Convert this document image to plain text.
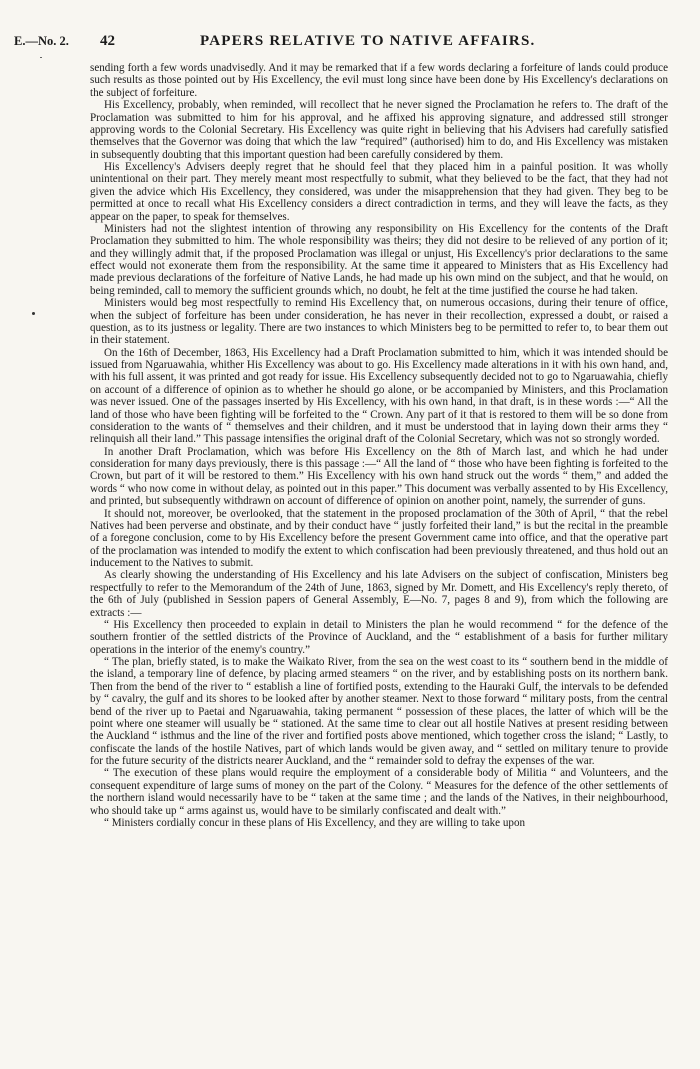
E.—No. 2. 42	PAPERS RELATIVE TO NATIVE AFFAIRS.

sending forth a few words unadvisedly. And it may be remarked that if a few words declaring a forfeiture of lands could produce such results as those pointed out by His Excellency, the evil must long since have been done by His Excellency's declarations on the subject of forfeiture.

His Excellency, probably, when reminded, will recollect that he never signed the Proclamation he refers to. The draft of the Proclamation was submitted to him for his approval, and he affixed his approving signature, and addressed still stronger approving words to the Colonial Secretary. His Excellency was quite right in believing that his Advisers had carefully satisfied themselves that the Governor was doing that which the law “required” (authorised) him to do, and His Excellency was mistaken in subsequently doubting that this important question had been carefully considered by them.

His Excellency's Advisers deeply regret that he should feel that they placed him in a painful position. It was wholly unintentional on their part. They merely meant most respectfully to submit, what they believed to be the fact, that they had not given the advice which His Excellency, they considered, was under the misapprehension that they had given. They beg to be permitted at once to recall what His Excellency considers a direct contradiction in terms, and they will leave the facts, as they appear on the paper, to speak for themselves.

Ministers had not the slightest intention of throwing any responsibility on His Excellency for the contents of the Draft Proclamation they submitted to him. The whole responsibility was theirs; they did not desire to be relieved of any portion of it; and they willingly admit that, if the proposed Proclamation was illegal or unjust, His Excellency's prior declarations to the same effect would not exonerate them from the responsibility. At the same time it appeared to Ministers that as His Excellency had made previous declarations of the forfeiture of Native Lands, he had made up his own mind on the subject, and that he would, on being reminded, call to memory the sufficient grounds which, no doubt, he felt at the time justified the course he had taken.

Ministers would beg most respectfully to remind His Excellency that, on numerous occasions, during their tenure of office, when the subject of forfeiture has been under consideration, he has never in their recollection, expressed a doubt, or raised a question, as to its justness or legality. There are two instances to which Ministers beg to be permitted to refer to, to bear them out in their statement.

On the 16th of December, 1863, His Excellency had a Draft Proclamation submitted to him, which it was intended should be issued from Ngaruawahia, whither His Excellency was about to go. His Excellency made alterations in it with his own hand, and, with his full assent, it was printed and got ready for issue. His Excellency subsequently decided not to go to Ngaruawahia, chiefly on account of a difference of opinion as to whether he should go alone, or be accompanied by Ministers, and this Proclamation was never issued. One of the passages inserted by His Excellency, with his own hand, in that draft, is in these words :—“ All the land of those who have been fighting will be forfeited to the “ Crown. Any part of it that is restored to them will be so done from consideration to the wants of “ themselves and their children, and it must be understood that in laying down their arms they “ relinquish all their land.” This passage intensifies the original draft of the Colonial Secretary, which was not so strongly worded.

In another Draft Proclamation, which was before His Excellency on the 8th of March last, and which he had under consideration for many days previously, there is this passage :—“ All the land of “ those who have been fighting is forfeited to the Crown, but part of it will be restored to them.” His Excellency with his own hand struck out the words “ them,” and added the words “ who now come in without delay, as pointed out in this paper.” This document was verbally assented to by His Excellency, and printed, but subsequently withdrawn on account of difference of opinion on another point, namely, the surrender of guns.

It should not, moreover, be overlooked, that the statement in the proposed proclamation of the 30th of April, “ that the rebel Natives had been perverse and obstinate, and by their conduct have “ justly forfeited their land,” is but the recital in the preamble of a foregone conclusion, come to by His Excellency before the present Government came into office, and that the operative part of the proclamation was intended to modify the extent to which confiscation had been previously threatened, and thus hold out an inducement to the Natives to submit.

As clearly showing the understanding of His Excellency and his late Advisers on the subject of confiscation, Ministers beg respectfully to refer to the Memorandum of the 24th of June, 1863, signed by Mr. Domett, and His Excellency's reply thereto, of the 6th of July (published in Session papers of General Assembly, E—No. 7, pages 8 and 9), from which the following are extracts :—

“ His Excellency then proceeded to explain in detail to Ministers the plan he would recommend “ for the defence of the southern frontier of the settled districts of the Province of Auckland, and the “ establishment of a basis for further military operations in the interior of the enemy's country.”

“ The plan, briefly stated, is to make the Waikato River, from the sea on the west coast to its “ southern bend in the middle of the island, a temporary line of defence, by placing armed steamers “ on the river, and by establishing posts on its northern bank. Then from the bend of the river to “ establish a line of fortified posts, extending to the Hauraki Gulf, the intervals to be defended by “ cavalry, the gulf and its shores to be looked after by another steamer. Next to those forward “ military posts, from the central bend of the river up to Paetai and Ngaruawahia, taking permanent “ possession of these places, the latter of which will be the point where one steamer will usually be “ stationed. At the same time to clear out all hostile Natives at present residing between the Auckland “ isthmus and the line of the river and fortified posts above mentioned, which together cross the island; “ Lastly, to confiscate the lands of the hostile Natives, part of which lands would be given away, and “ settled on military tenure to provide for the future security of the districts nearer Auckland, and the “ remainder sold to defray the expenses of the war.

“ The execution of these plans would require the employment of a considerable body of Militia “ and Volunteers, and the consequent expenditure of large sums of money on the part of the Colony. “ Measures for the defence of the other settlements of the northern island would necessarily have to be “ taken at the same time ; and the lands of the Natives, in their neighbourhood, who should take up “ arms against us, would have to be similarly confiscated and dealt with.”

“ Ministers cordially concur in these plans of His Excellency, and they are willing to take upon
